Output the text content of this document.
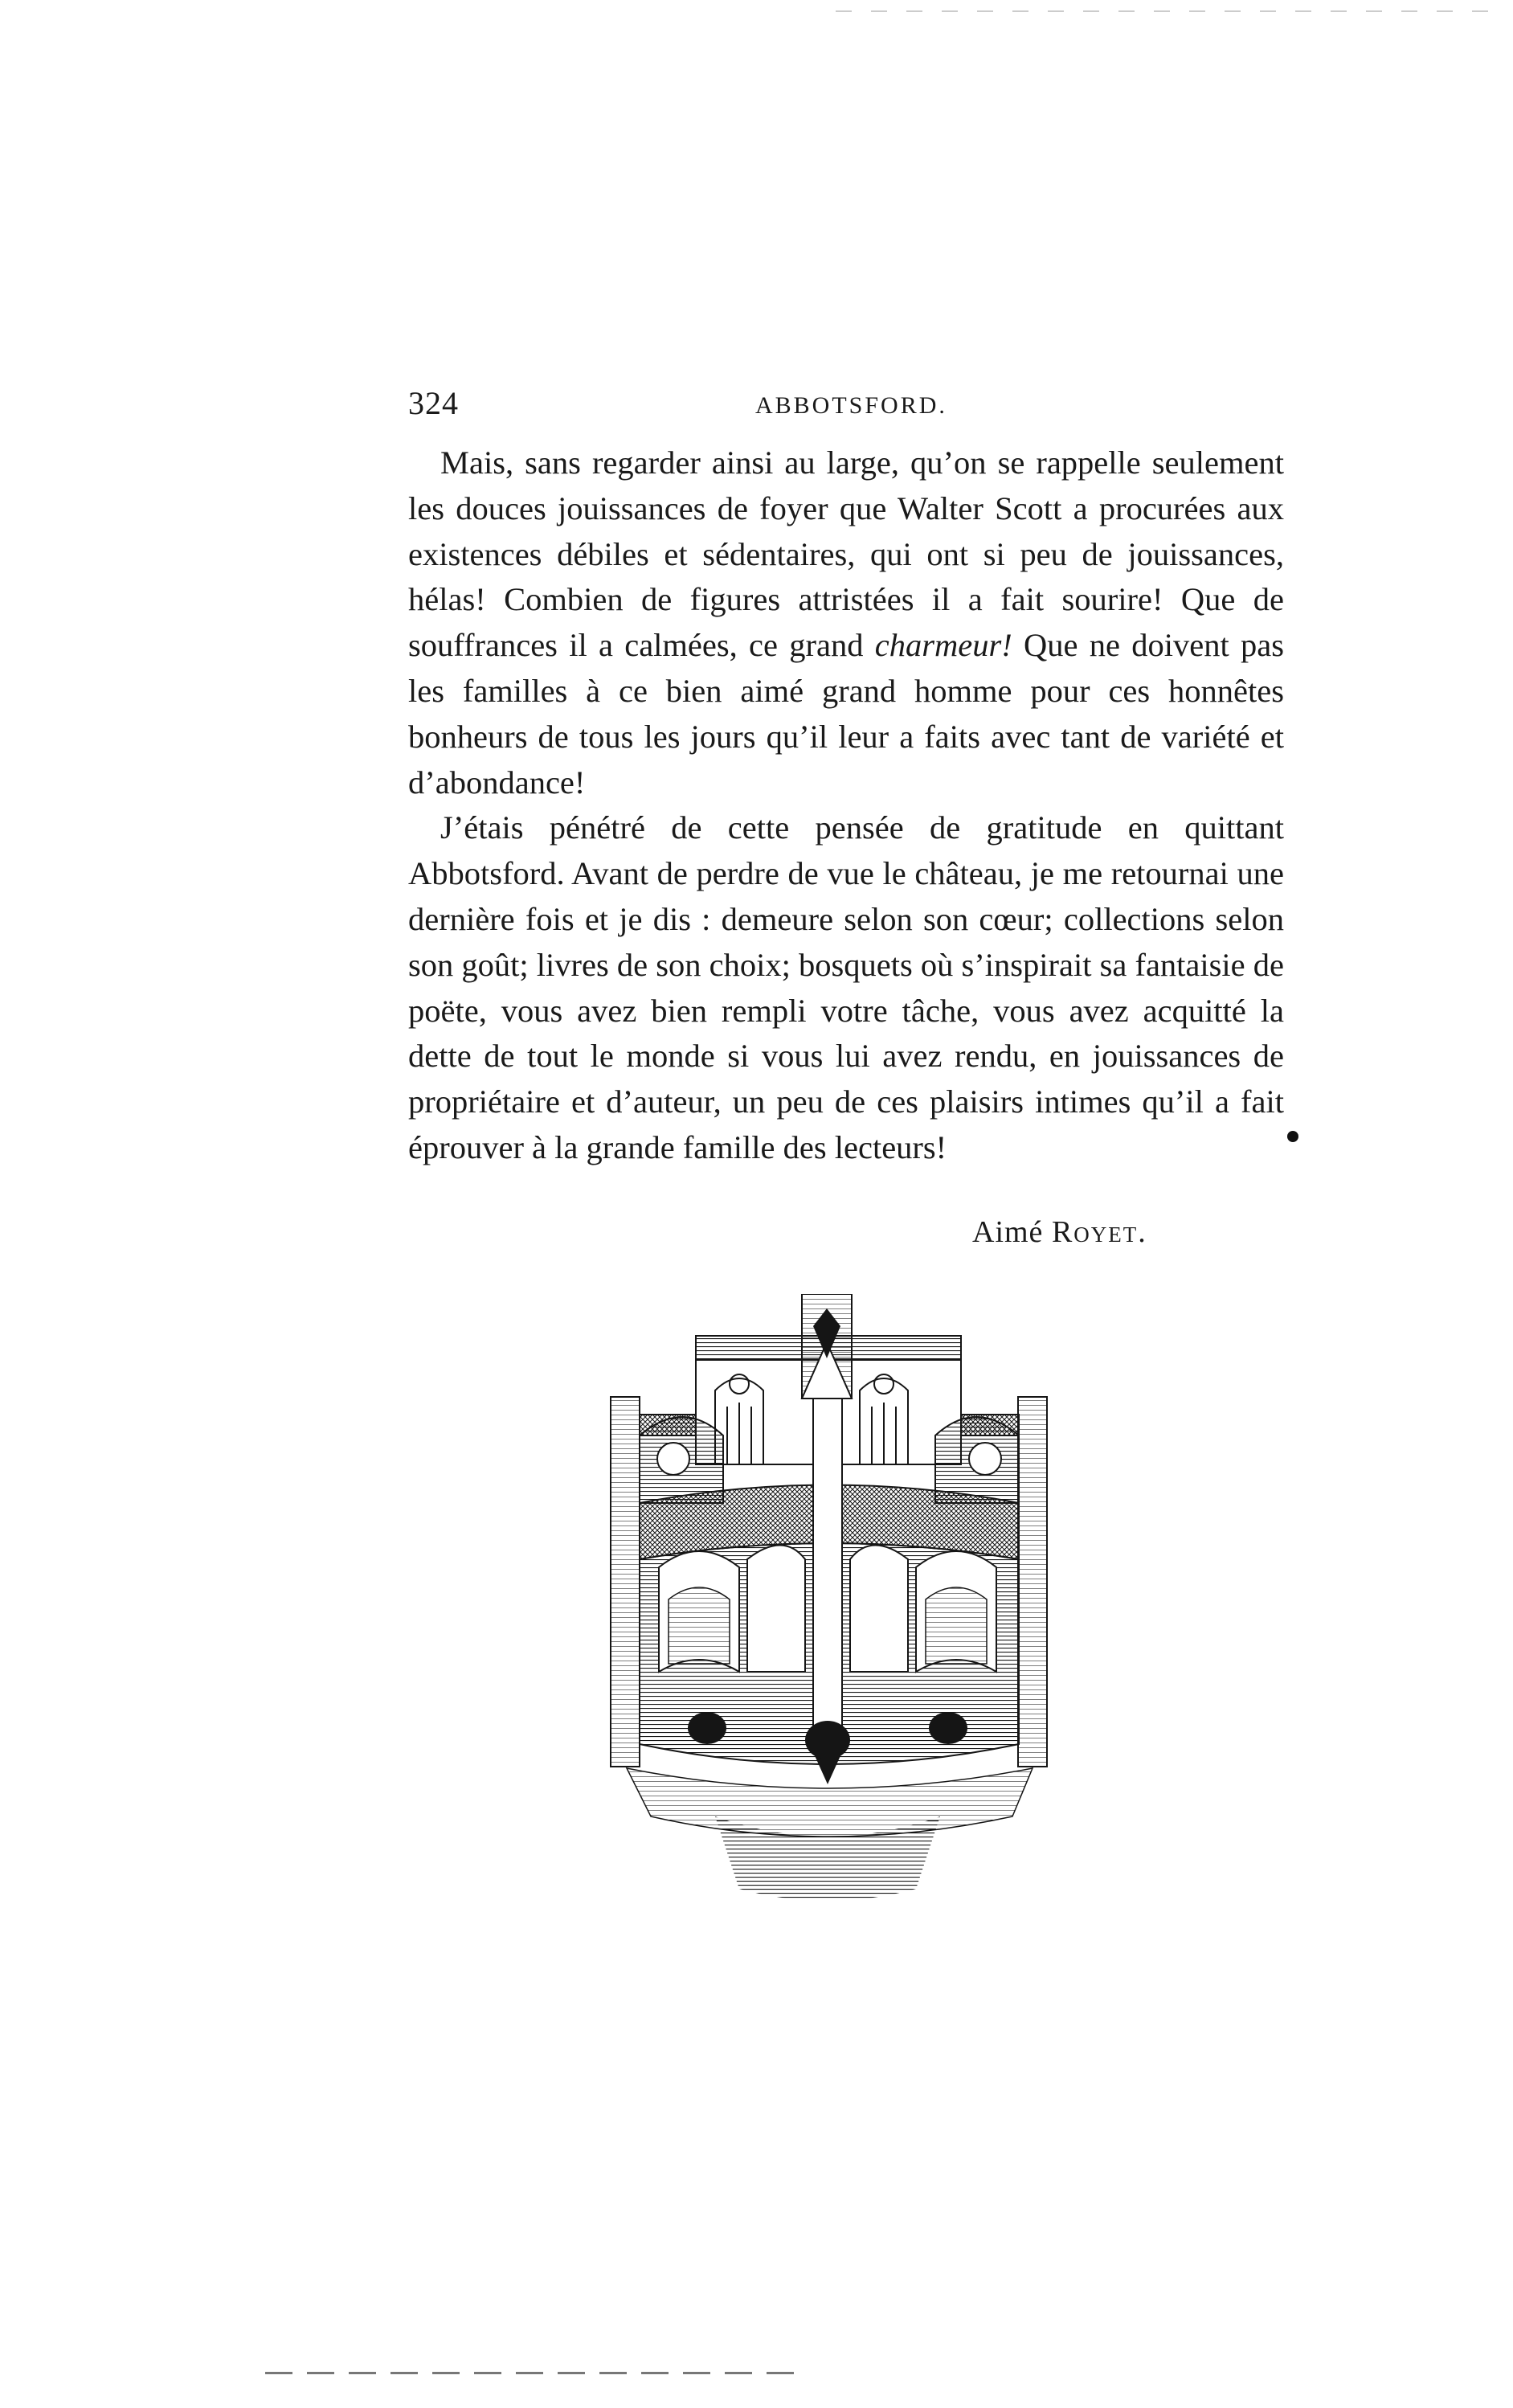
324	ABBOTSFORD.

Mais, sans regarder ainsi au large, qu’on se rappelle seulement les douces jouissances de foyer que Walter Scott a procurées aux existences débiles et sédentaires, qui ont si peu de jouissances, hélas! Combien de figures attristées il a fait sourire! Que de souffrances il a calmées, ce grand charmeur! Que ne doivent pas les familles à ce bien aimé grand homme pour ces honnêtes bonheurs de tous les jours qu’il leur a faits avec tant de variété et d’abondance!

J’étais pénétré de cette pensée de gratitude en quittant Abbotsford. Avant de perdre de vue le château, je me retournai une dernière fois et je dis : demeure selon son cœur; collections selon son goût; livres de son choix; bosquets où s’inspirait sa fantaisie de poëte, vous avez bien rempli votre tâche, vous avez acquitté la dette de tout le monde si vous lui avez rendu, en jouissances de propriétaire et d’auteur, un peu de ces plaisirs intimes qu’il a fait éprouver à la grande famille des lecteurs!

Aimé Royet.
